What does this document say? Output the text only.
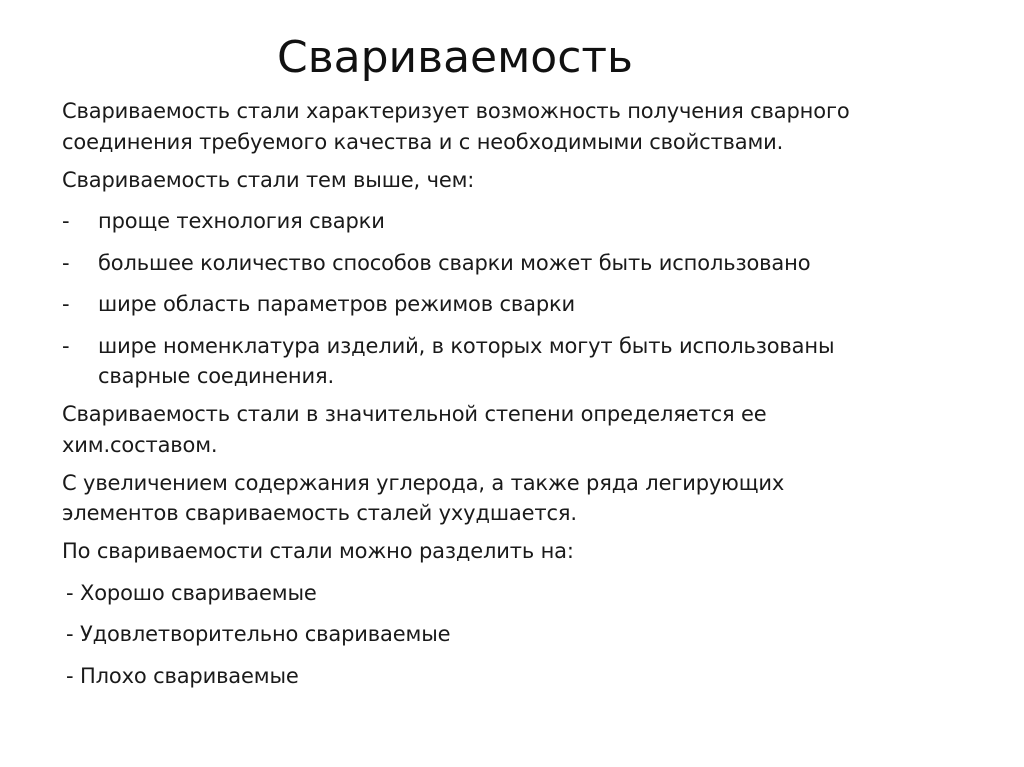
Свариваемость
Свариваемость стали характеризует возможность получения сварного
соединения требуемого качества и с необходимыми свойствами.
Свариваемость стали тем выше, чем:
-	проще технология сварки
-	большее количество способов сварки может быть использовано
-	шире область параметров режимов сварки
-	шире номенклатура изделий, в которых могут быть использованы
сварные соединения.
Свариваемость стали в значительной степени определяется ее
хим.составом.
С увеличением содержания углерода, а также ряда легирующих
элементов свариваемость сталей ухудшается.
По свариваемости стали можно разделить на:
- Хорошо свариваемые
- Удовлетворительно свариваемые
- Плохо свариваемые
